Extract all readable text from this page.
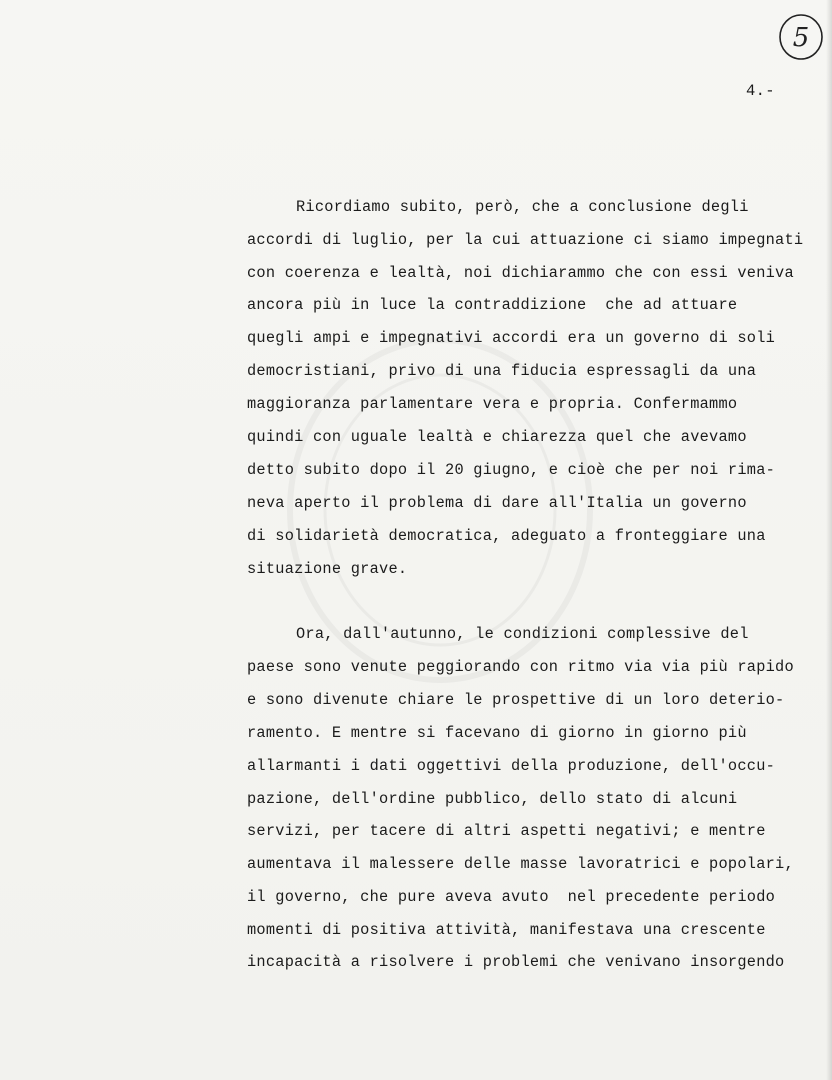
5
4.-
Ricordiamo subito, però, che a conclusione degli
accordi di luglio, per la cui attuazione ci siamo impegnati
con coerenza e lealtà, noi dichiarammo che con essi veniva
ancora più in luce la contraddizione  che ad attuare
quegli ampi e impegnativi accordi era un governo di soli
democristiani, privo di una fiducia espressagli da una
maggioranza parlamentare vera e propria. Confermammo
quindi con uguale lealtà e chiarezza quel che avevamo
detto subito dopo il 20 giugno, e cioè che per noi rima-
neva aperto il problema di dare all'Italia un governo
di solidarietà democratica, adeguato a fronteggiare una
situazione grave.
Ora, dall'autunno, le condizioni complessive del
paese sono venute peggiorando con ritmo via via più rapido
e sono divenute chiare le prospettive di un loro deterio-
ramento. E mentre si facevano di giorno in giorno più
allarmanti i dati oggettivi della produzione, dell'occu-
pazione, dell'ordine pubblico, dello stato di alcuni
servizi, per tacere di altri aspetti negativi; e mentre
aumentava il malessere delle masse lavoratrici e popolari,
il governo, che pure aveva avuto  nel precedente periodo
momenti di positiva attività, manifestava una crescente
incapacità a risolvere i problemi che venivano insorgendo
